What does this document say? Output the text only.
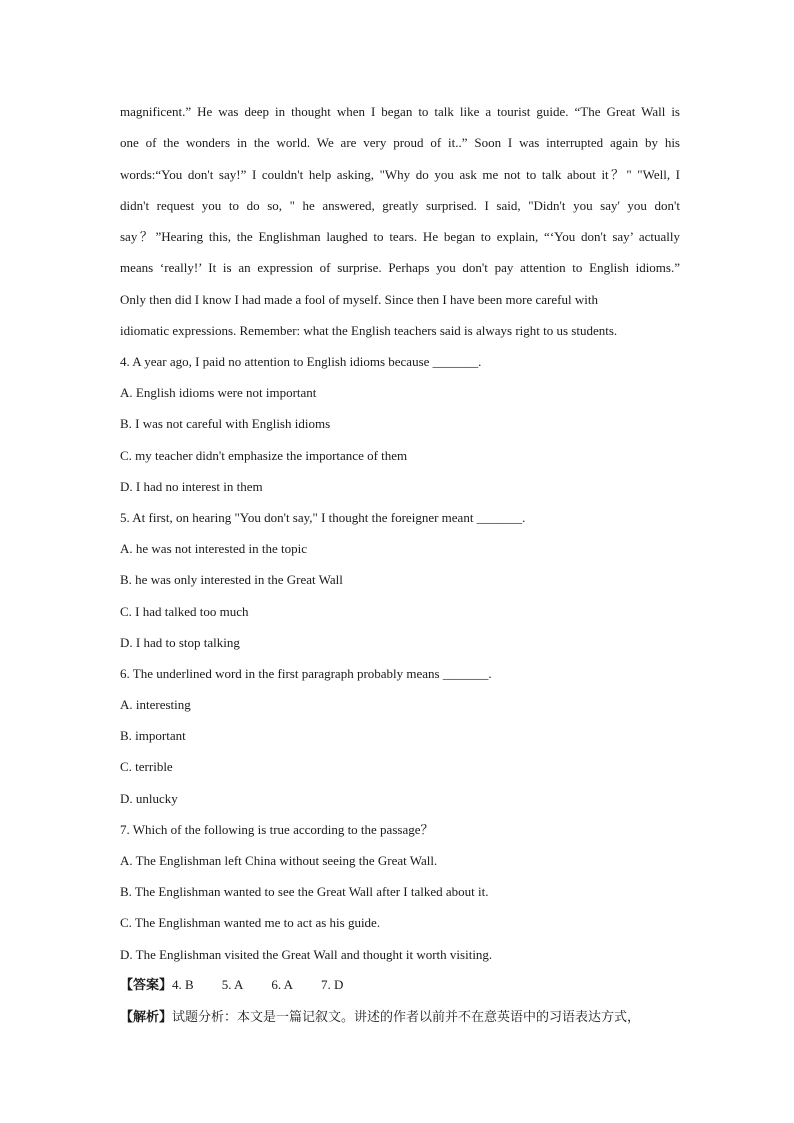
magnificent.” He was deep in thought when I began to talk like a tourist guide. “The Great Wall is
one of the wonders in the world. We are very proud of it..” Soon I was interrupted again by his
words:“You don't say!” I couldn't help asking, "Why do you ask me not to talk about it？" "Well, I
didn't request you to do so, " he answered, greatly surprised. I said, "Didn't you say' you don't
say？”Hearing this, the Englishman laughed to tears. He began to explain, “‘You don't say’ actually
means ‘really!’ It is an expression of surprise. Perhaps you don't pay attention to English idioms.”
Only then did I know I had made a fool of myself. Since then I have been more careful with
idiomatic expressions. Remember: what the English teachers said is always right to us students.
4. A year ago, I paid no attention to English idioms because _______.
A. English idioms were not important
B. I was not careful with English idioms
C. my teacher didn't emphasize the importance of them
D. I had no interest in them
5. At first, on hearing "You don't say," I thought the foreigner meant _______.
A. he was not interested in the topic
B. he was only interested in the Great Wall
C. I had talked too much
D. I had to stop talking
6. The underlined word in the first paragraph probably means _______.
A. interesting
B. important
C. terrible
D. unlucky
7. Which of the following is true according to the passage？
A. The Englishman left China without seeing the Great Wall.
B. The Englishman wanted to see the Great Wall after I talked about it.
C. The Englishman wanted me to act as his guide.
D. The Englishman visited the Great Wall and thought it worth visiting.
【答案】4. B 5. A 6. A 7. D
【解析】试题分析：本文是一篇记叙文。讲述的作者以前并不在意英语中的习语表达方式，
